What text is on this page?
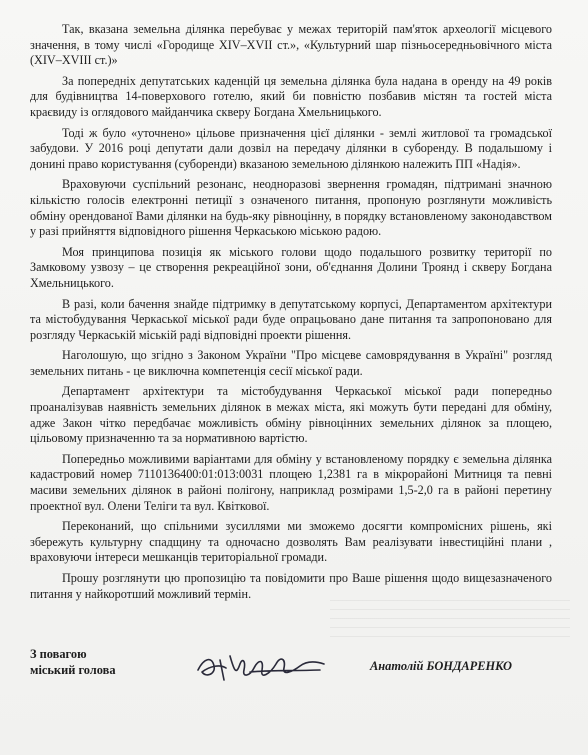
Так, вказана земельна ділянка перебуває у межах територій пам'яток археології місцевого значення, в тому числі «Городище XIV–XVII ст.», «Культурний шар пізньосередньовічного міста (XIV–XVIII ст.)»

За попередніх депутатських каденцій ця земельна ділянка була надана в оренду на 49 років для будівництва 14-поверхового готелю, який би повністю позбавив містян та гостей міста краєвиду із оглядового майданчика скверу Богдана Хмельницького.

Тоді ж було «уточнено» цільове призначення цієї ділянки - землі житлової та громадської забудови. У 2016 році депутати дали дозвіл на передачу ділянки в суборенду. В подальшому і донині право користування (суборенди) вказаною земельною ділянкою належить ПП «Надія».

Враховуючи суспільний резонанс, неодноразові звернення громадян, підтримані значною кількістю голосів електронні петиції з означеного питання, пропоную розглянути можливість обміну орендованої Вами ділянки на будь-яку рівноцінну, в порядку встановленому законодавством у разі прийняття відповідного рішення Черкаською міською радою.

Моя принципова позиція як міського голови щодо подальшого розвитку території по Замковому узвозу – це створення рекреаційної зони, об'єднання Долини Троянд і скверу Богдана Хмельницького.

В разі, коли бачення знайде підтримку в депутатському корпусі, Департаментом архітектури та містобудування Черкаської міської ради буде опрацьовано дане питання та запропоновано для розгляду Черкаській міській раді відповідні проекти рішення.

Наголошую, що згідно з Законом України "Про місцеве самоврядування в Україні" розгляд земельних питань - це виключна компетенція сесії міської ради.

Департамент архітектури та містобудування Черкаської міської ради попередньо проаналізував наявність земельних ділянок в межах міста, які можуть бути передані для обміну, адже Закон чітко передбачає можливість обміну рівноцінних земельних ділянок за площею, цільовому призначенню та за нормативною вартістю.

Попередньо можливими варіантами для обміну у встановленому порядку є земельна ділянка кадастровий номер 7110136400:01:013:0031 площею 1,2381 га в мікрорайоні Митниця та певні масиви земельних ділянок в районі полігону, наприклад розмірами 1,5-2,0 га в районі перетину проектної вул. Олени Теліги та вул. Квіткової.

Переконаний, що спільними зусиллями ми зможемо досягти компромісних рішень, які збережуть культурну спадщину та одночасно дозволять Вам реалізувати інвестиційні плани , враховуючи інтереси мешканців територіальної громади.

Прошу розглянути цю пропозицію та повідомити про Ваше рішення щодо вищезазначеного питання у найкоротший можливий термін.

З повагою
міський голова	Анатолій БОНДАРЕНКО
